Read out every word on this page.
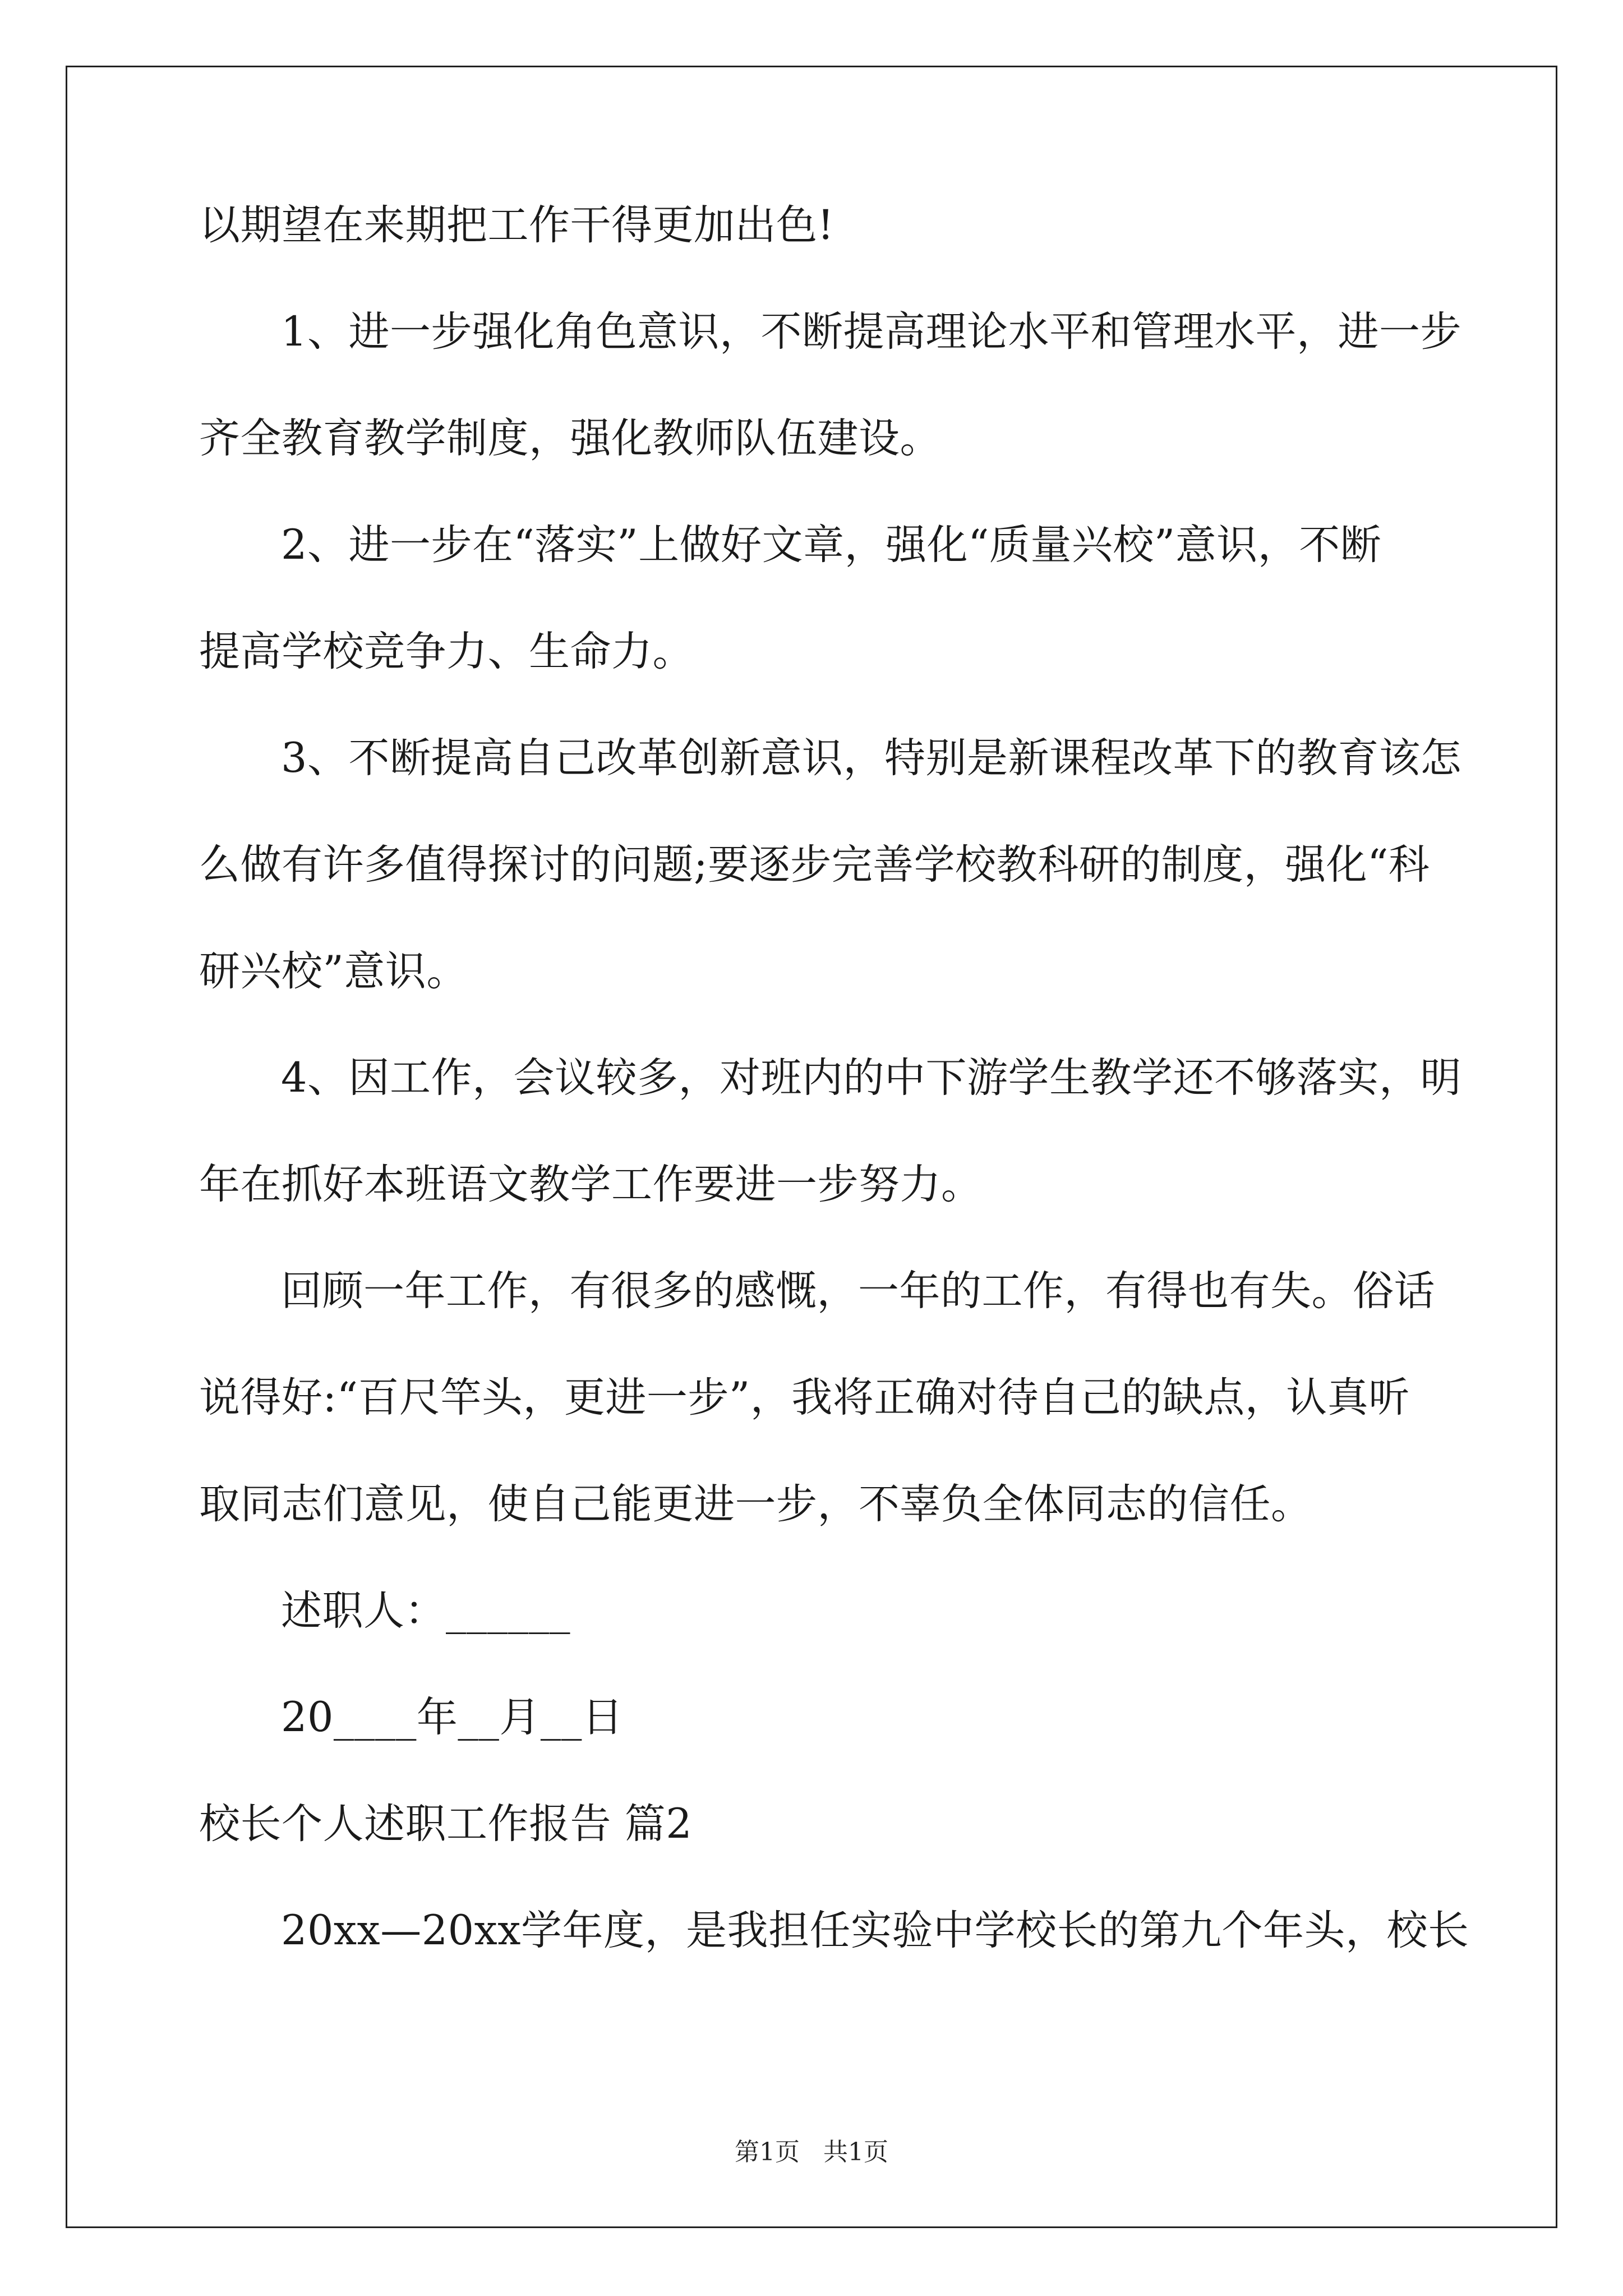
以期望在来期把工作干得更加出色!
1、进一步强化角色意识，不断提高理论水平和管理水平，进一步
齐全教育教学制度，强化教师队伍建设。
2、进一步在“落实”上做好文章，强化“质量兴校”意识，不断
提高学校竞争力、生命力。
3、不断提高自己改革创新意识，特别是新课程改革下的教育该怎
么做有许多值得探讨的问题;要逐步完善学校教科研的制度，强化“科
研兴校”意识。
4、因工作，会议较多，对班内的中下游学生教学还不够落实，明
年在抓好本班语文教学工作要进一步努力。
回顾一年工作，有很多的感慨，一年的工作，有得也有失。俗话
说得好:“百尺竿头，更进一步”，我将正确对待自己的缺点，认真听
取同志们意见，使自己能更进一步，不辜负全体同志的信任。
述职人：______
20____年__月__日
校长个人述职工作报告 篇2
20xx—20xx学年度，是我担任实验中学校长的第九个年头，校长
第1页   共1页
